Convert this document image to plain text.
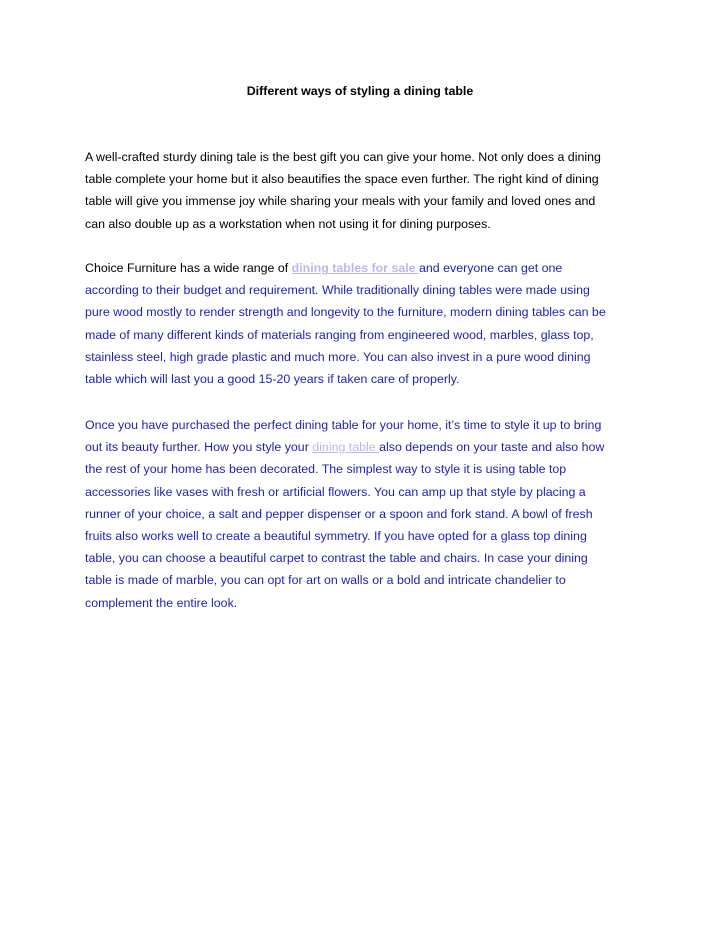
Different ways of styling a dining table
A well-crafted sturdy dining tale is the best gift you can give your home. Not only does a dining
table complete your home but it also beautifies the space even further. The right kind of dining
table will give you immense joy while sharing your meals with your family and loved ones and
can also double up as a workstation when not using it for dining purposes.
Choice Furniture has a wide range of dining tables for sale and everyone can get one
according to their budget and requirement. While traditionally dining tables were made using
pure wood mostly to render strength and longevity to the furniture, modern dining tables can be
made of many different kinds of materials ranging from engineered wood, marbles, glass top,
stainless steel, high grade plastic and much more. You can also invest in a pure wood dining
table which will last you a good 15-20 years if taken care of properly.
Once you have purchased the perfect dining table for your home, it’s time to style it up to bring
out its beauty further. How you style your dining table also depends on your taste and also how
the rest of your home has been decorated. The simplest way to style it is using table top
accessories like vases with fresh or artificial flowers. You can amp up that style by placing a
runner of your choice, a salt and pepper dispenser or a spoon and fork stand. A bowl of fresh
fruits also works well to create a beautiful symmetry. If you have opted for a glass top dining
table, you can choose a beautiful carpet to contrast the table and chairs. In case your dining
table is made of marble, you can opt for art on walls or a bold and intricate chandelier to
complement the entire look.
